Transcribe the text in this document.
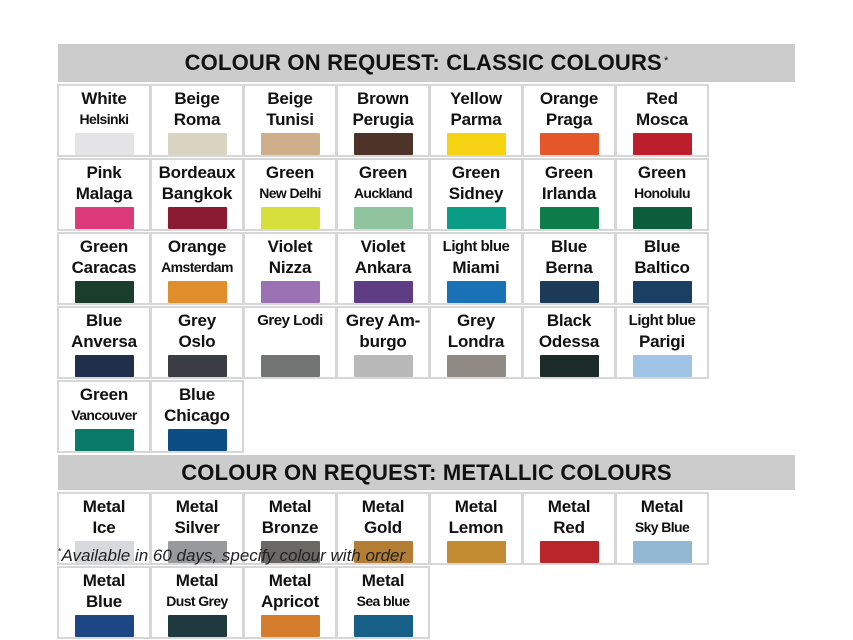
COLOUR ON REQUEST: CLASSIC COLOURS*
White
Helsinki
Beige
Roma
Beige
Tunisi
Brown
Perugia
Yellow
Parma
Orange
Praga
Red
Mosca
Pink
Malaga
Bordeaux
Bangkok
Green
New Delhi
Green
Auckland
Green
Sidney
Green
Irlanda
Green
Honolulu
Green
Caracas
Orange
Amsterdam
Violet
Nizza
Violet
Ankara
Light blue
Miami
Blue
Berna
Blue
Baltico
Blue
Anversa
Grey
Oslo
Grey Lodi
Grey Am-
burgo
Grey
Londra
Black
Odessa
Light blue
Parigi
Green
Vancouver
Blue
Chicago
COLOUR ON REQUEST: METALLIC COLOURS
Metal
Ice
Metal
Silver
Metal
Bronze
Metal
Gold
Metal
Lemon
Metal
Red
Metal
Sky Blue
Metal
Blue
Metal
Dust Grey
Metal
Apricot
Metal
Sea blue
*Available in 60 days, specify colour with order
